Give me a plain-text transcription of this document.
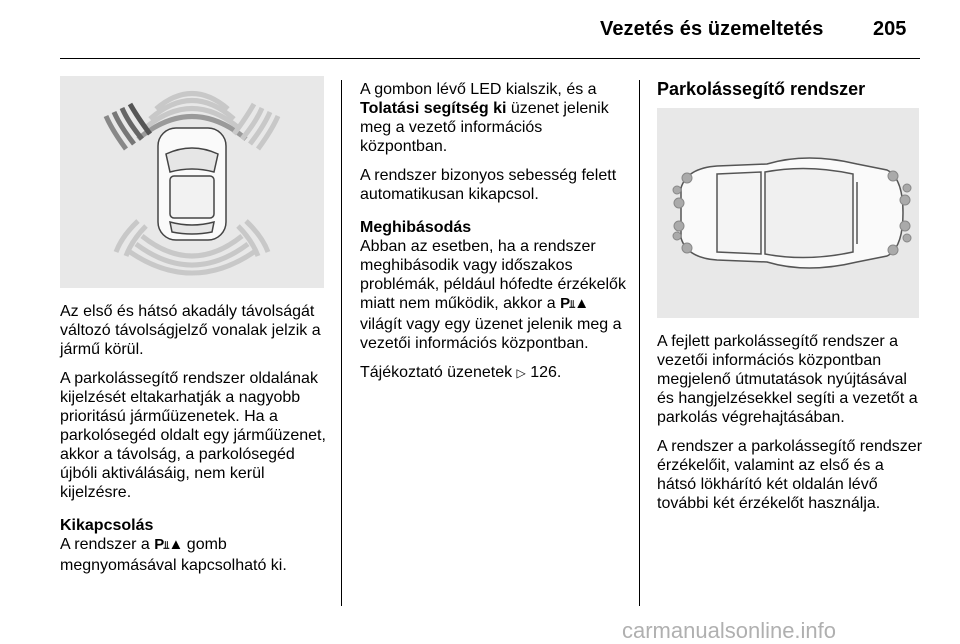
Vezetés és üzemeltetés 205

Az első és hátsó akadály távolságát változó távolságjelző vonalak jelzik a jármű körül.

A parkolássegítő rendszer oldalának kijelzését eltakarhatják a nagyobb prioritású járműüzenetek. Ha a parkolósegéd oldalt egy járműüzenet, akkor a távolság, a parkolósegéd újbóli aktiválásáig, nem kerül kijelzésre.

Kikapcsolás

A rendszer a P⫫▲ gomb megnyomásával kapcsolható ki.

A gombon lévő LED kialszik, és a Tolatási segítség ki üzenet jelenik meg a vezető információs központban.

A rendszer bizonyos sebesség felett automatikusan kikapcsol.

Meghibásodás

Abban az esetben, ha a rendszer meghibásodik vagy időszakos problémák, például hófedte érzékelők miatt nem működik, akkor a P⫫▲ világít vagy egy üzenet jelenik meg a vezetői információs központban.

Tájékoztató üzenetek ▷ 126.

Parkolássegítő rendszer

A fejlett parkolássegítő rendszer a vezetői információs központban megjelenő útmutatások nyújtásával és hangjelzésekkel segíti a vezetőt a parkolás végrehajtásában.

A rendszer a parkolássegítő rendszer érzékelőit, valamint az első és a hátsó lökhárító két oldalán lévő további két érzékelőt használja.

carmanualsonline.info
